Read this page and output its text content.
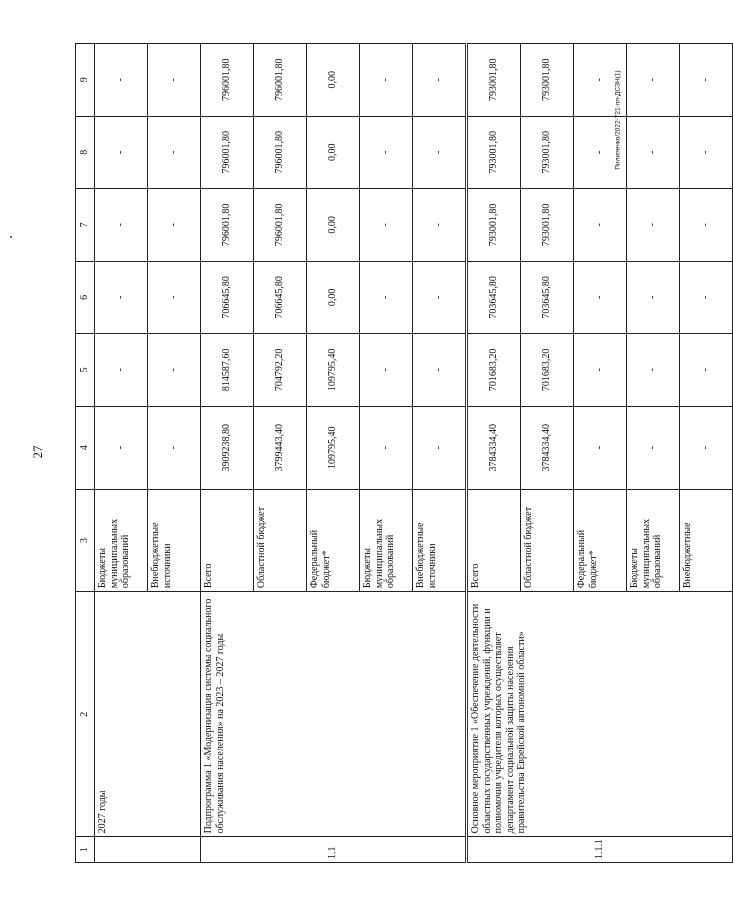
27
Пилипенко/2022-721-пп-ДСЗН(1)
1	2	3	4	5	6	7	8	9
	2027 годы	Бюджеты муниципальных образований	-	-	-	-	-	-
		Внебюджетные источники	-	-	-	-	-	-
1.1	Подпрограмма 1 «Модернизация системы социального обслуживания населения» на 2023 – 2027 годы	Всего	3909238,80	814587,60	706645,80	796001,80	796001,80	796001,80
		Областной бюджет	3799443,40	704792,20	706645,80	796001,80	796001,80	796001,80
		Федеральный бюджет*	109795,40	109795,40	0,00	0,00	0,00	0,00
		Бюджеты муниципальных образований	-	-	-	-	-	-
		Внебюджетные источники	-	-	-	-	-	-
1.1.1	Основное мероприятие 1 «Обеспечение деятельности областных государственных учреждений, функции и полномочия учредителя которых осуществляет департамент социальной защиты населения правительства Еврейской автономной области»	Всего	3784334,40	701683,20	703645,80	793001,80	793001,80	793001,80
		Областной бюджет	3784334,40	701683,20	703645,80	793001,80	793001,80	793001,80
		Федеральный бюджет*	-	-	-	-	-	-
		Бюджеты муниципальных образований	-	-	-	-	-	-
		Внебюджетные	-	-	-	-	-	-
